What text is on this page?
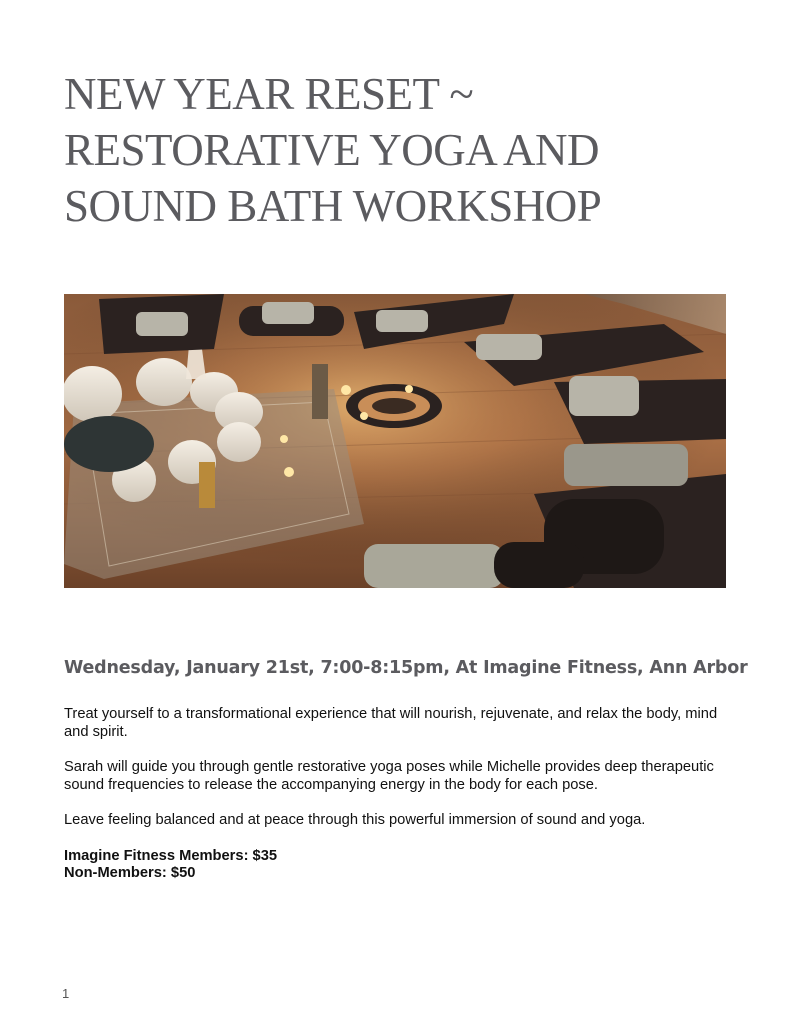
NEW YEAR RESET ~
RESTORATIVE YOGA AND
SOUND BATH WORKSHOP
Wednesday, January 21st, 7:00-8:15pm, At Imagine Fitness, Ann Arbor

Treat yourself to a transformational experience that will nourish, rejuvenate, and relax the body, mind and spirit.

Sarah will guide you through gentle restorative yoga poses while Michelle provides deep therapeutic sound frequencies to release the accompanying energy in the body for each pose.

Leave feeling balanced and at peace through this powerful immersion of sound and yoga.

Imagine Fitness Members: $35
Non-Members: $50
1
